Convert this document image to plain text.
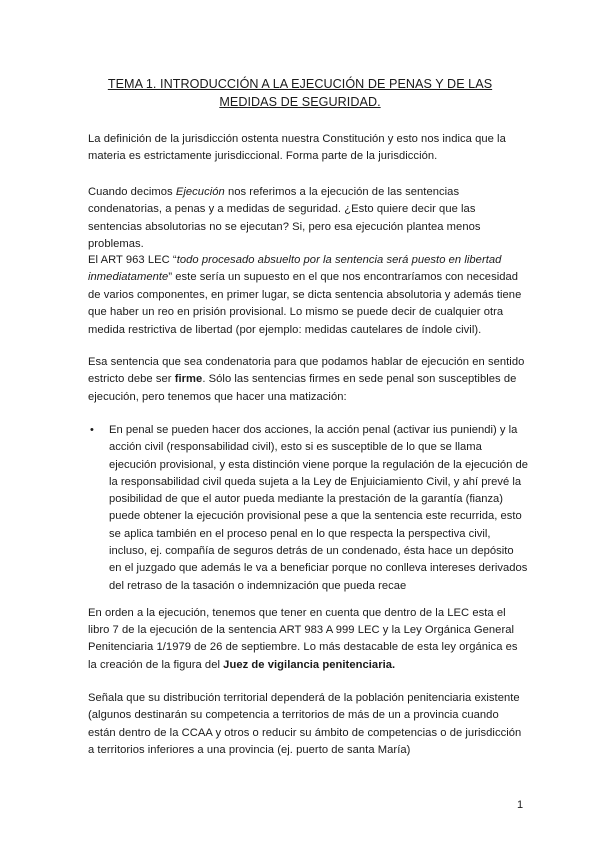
TEMA 1. INTRODUCCIÓN A LA EJECUCIÓN DE PENAS Y DE LAS MEDIDAS DE SEGURIDAD.

La definición de la jurisdicción ostenta nuestra Constitución y esto nos indica que la materia es estrictamente jurisdiccional. Forma parte de la jurisdicción.

Cuando decimos Ejecución nos referimos a la ejecución de las sentencias condenatorias, a penas y a medidas de seguridad. ¿Esto quiere decir que las sentencias absolutorias no se ejecutan? Si, pero esa ejecución plantea menos problemas.

El ART 963 LEC “todo procesado absuelto por la sentencia será puesto en libertad inmediatamente” este sería un supuesto en el que nos encontraríamos con necesidad de varios componentes, en primer lugar, se dicta sentencia absolutoria y además tiene que haber un reo en prisión provisional. Lo mismo se puede decir de cualquier otra medida restrictiva de libertad (por ejemplo: medidas cautelares de índole civil).

Esa sentencia que sea condenatoria para que podamos hablar de ejecución en sentido estricto debe ser firme. Sólo las sentencias firmes en sede penal son susceptibles de ejecución, pero tenemos que hacer una matización:

• En penal se pueden hacer dos acciones, la acción penal (activar ius puniendi) y la acción civil (responsabilidad civil), esto si es susceptible de lo que se llama ejecución provisional, y esta distinción viene porque la regulación de la ejecución de la responsabilidad civil queda sujeta a la Ley de Enjuiciamiento Civil, y ahí prevé la posibilidad de que el autor pueda mediante la prestación de la garantía (fianza) puede obtener la ejecución provisional pese a que la sentencia este recurrida, esto se aplica también en el proceso penal en lo que respecta la perspectiva civil, incluso, ej. compañía de seguros detrás de un condenado, ésta hace un depósito en el juzgado que además le va a beneficiar porque no conlleva intereses derivados del retraso de la tasación o indemnización que pueda recae

En orden a la ejecución, tenemos que tener en cuenta que dentro de la LEC esta el libro 7 de la ejecución de la sentencia ART 983 A 999 LEC y la Ley Orgánica General Penitenciaria 1/1979 de 26 de septiembre. Lo más destacable de esta ley orgánica es la creación de la figura del Juez de vigilancia penitenciaria.

Señala que su distribución territorial dependerá de la población penitenciaria existente (algunos destinarán su competencia a territorios de más de un a provincia cuando están dentro de la CCAA y otros o reducir su ámbito de competencias o de jurisdicción a territorios inferiores a una provincia (ej. puerto de santa María)

1
